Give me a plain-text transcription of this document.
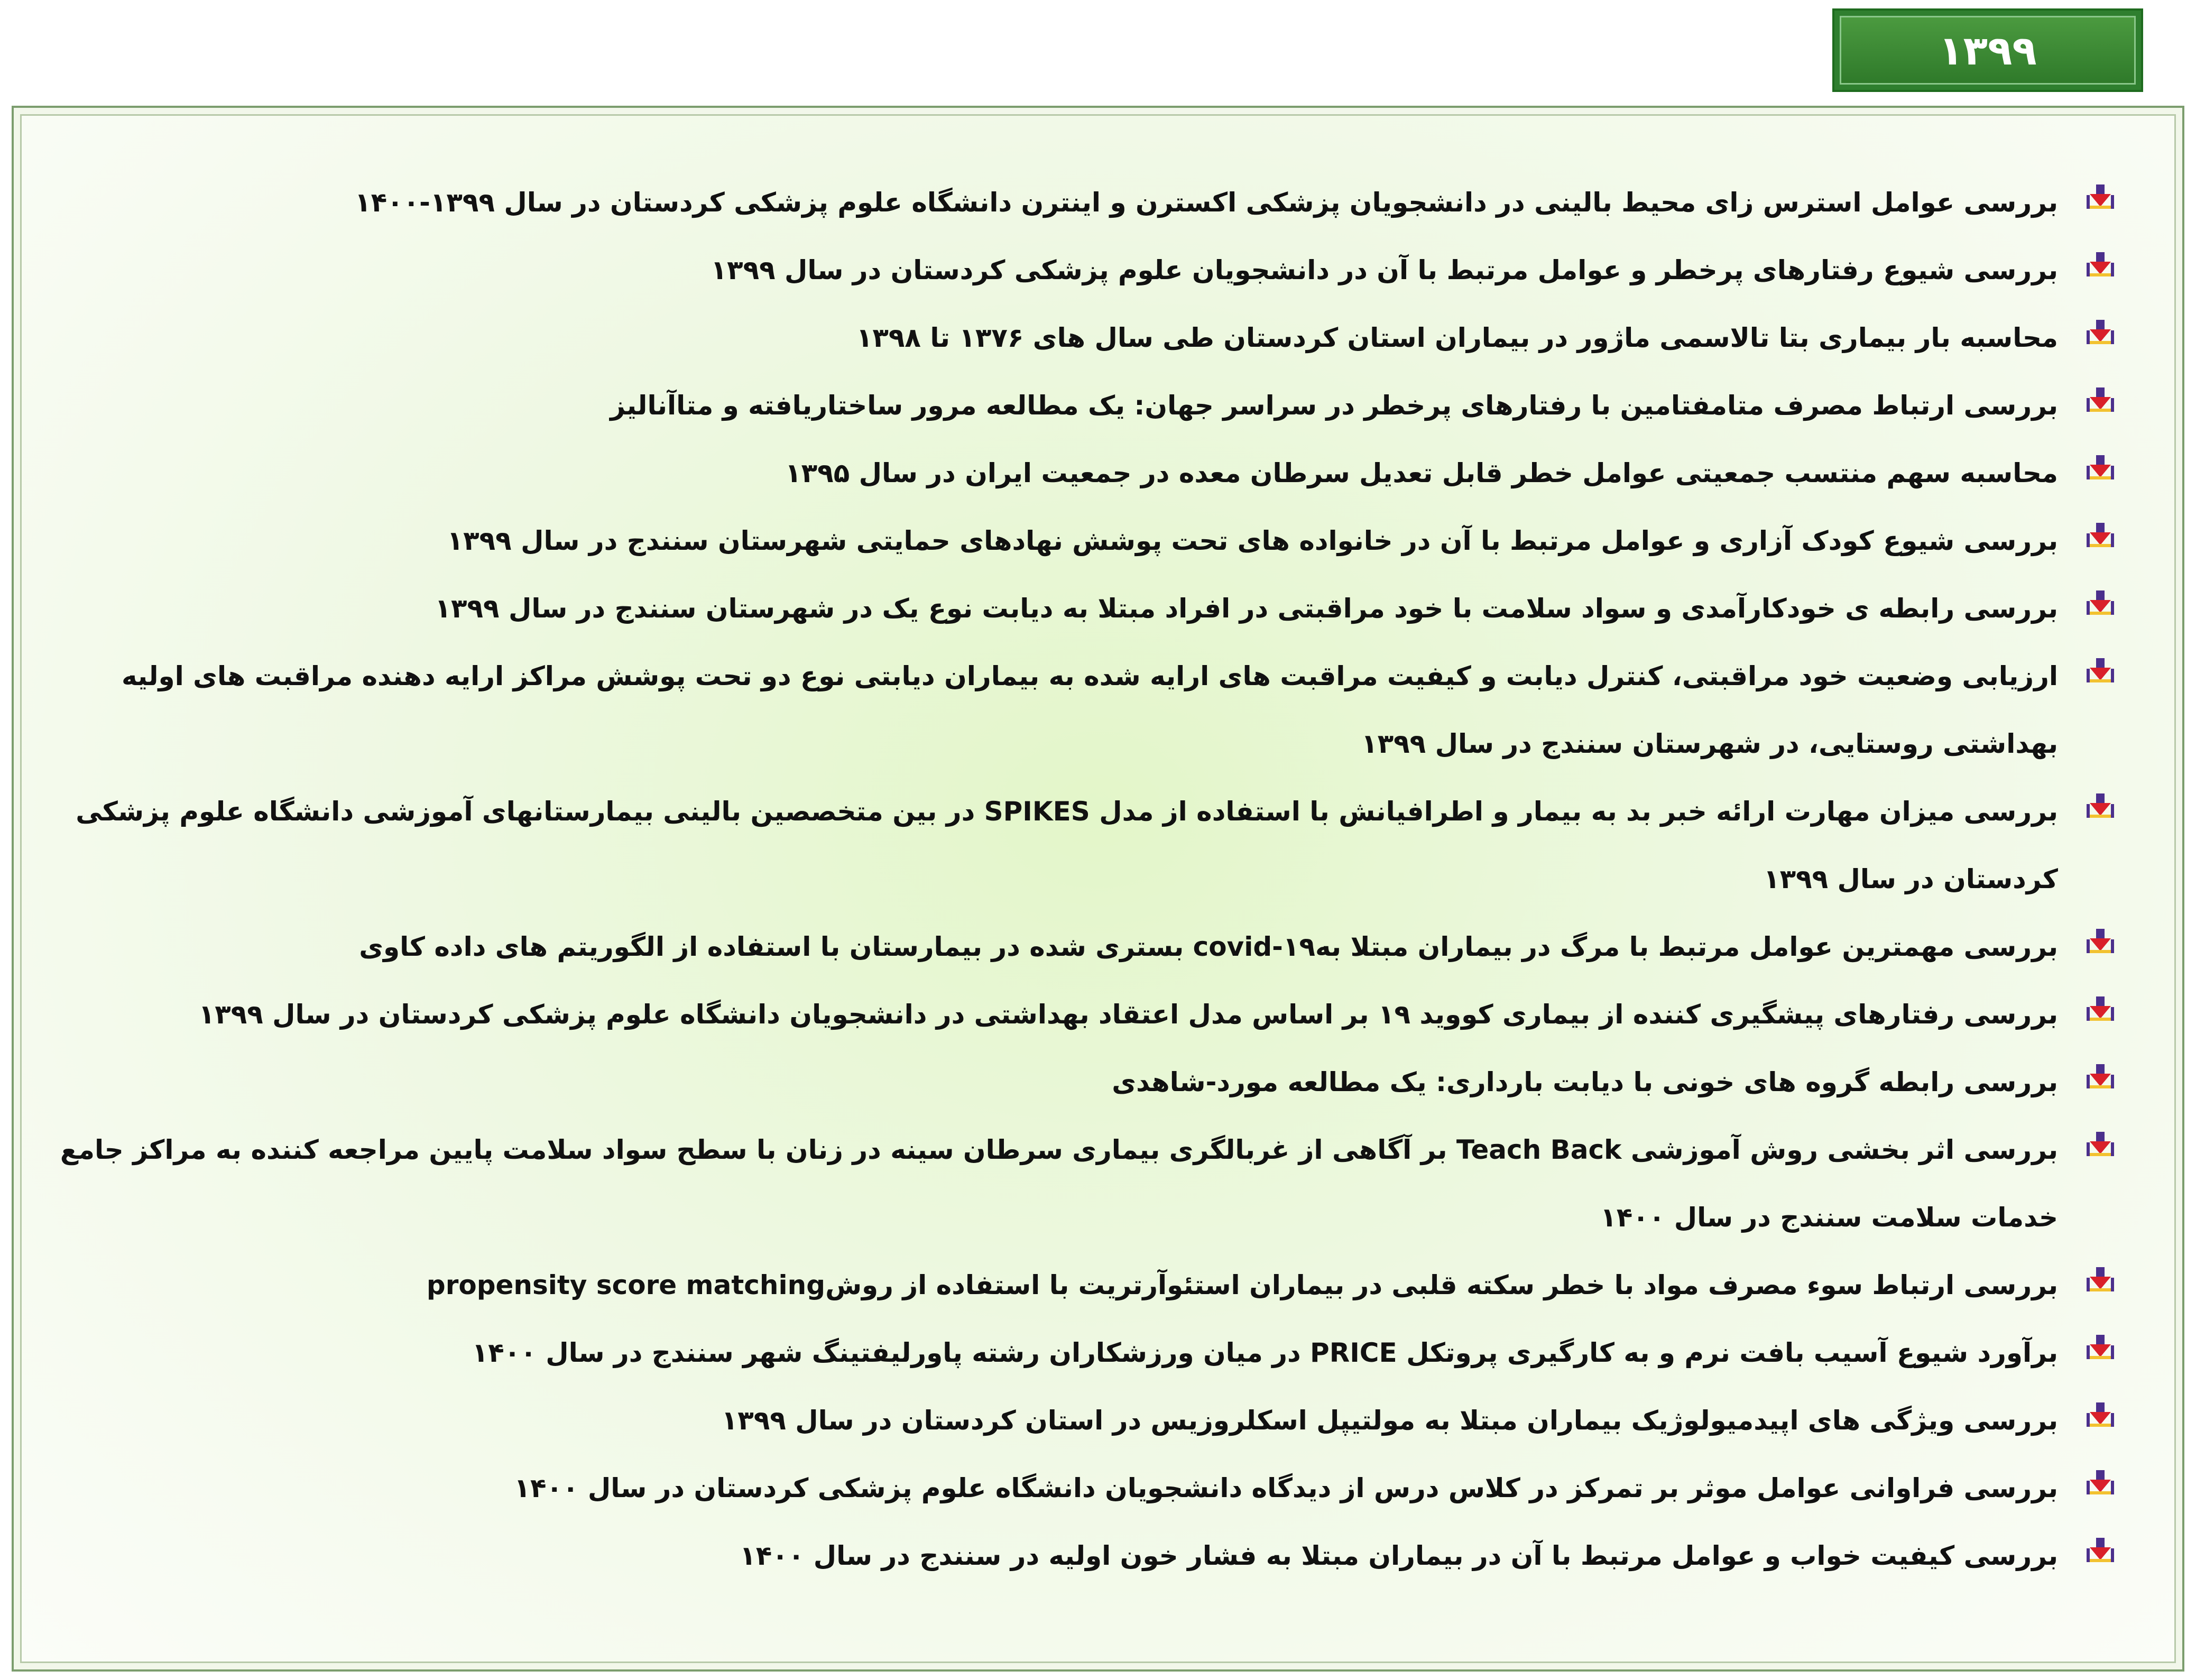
۱۳۹۹
بررسی عوامل استرس زای محیط بالینی در دانشجویان پزشکی اکسترن و اینترن دانشگاه علوم پزشکی کردستان در سال ۱۳۹۹-۱۴۰۰
بررسی شیوع رفتارهای پرخطر و عوامل مرتبط با آن در دانشجویان علوم پزشکی کردستان در سال ۱۳۹۹
محاسبه بار بیماری بتا تالاسمی ماژور در بیماران استان کردستان طی سال های ۱۳۷۶ تا ۱۳۹۸
بررسی ارتباط مصرف متامفتامین با رفتارهای پرخطر در سراسر جهان: یک مطالعه مرور ساختاریافته و متاآنالیز
محاسبه سهم منتسب جمعیتی عوامل خطر قابل تعدیل سرطان معده در جمعیت ایران در سال ۱۳۹۵
بررسی شیوع کودک آزاری و عوامل مرتبط با آن در خانواده های تحت پوشش نهادهای حمایتی شهرستان سنندج در سال ۱۳۹۹
بررسی رابطه ی خودکارآمدی و سواد سلامت با خود مراقبتی در افراد مبتلا به دیابت نوع یک در شهرستان سنندج در سال ۱۳۹۹
ارزیابی وضعیت خود مراقبتی، کنترل دیابت و کیفیت مراقبت های ارایه شده به بیماران دیابتی نوع دو تحت پوشش مراکز ارایه دهنده مراقبت های اولیه بهداشتی روستایی، در شهرستان سنندج در سال ۱۳۹۹
بررسی میزان مهارت ارائه خبر بد به بیمار و اطرافیانش با استفاده از مدل SPIKES در بین متخصصین بالینی بیمارستانهای آموزشی دانشگاه علوم پزشکی کردستان در سال ۱۳۹۹
بررسی مهمترین عوامل مرتبط با مرگ در بیماران مبتلا بهcovid-۱۹ بستری شده در بیمارستان با استفاده از الگوریتم های داده کاوی
بررسی رفتارهای پیشگیری کننده از بیماری کووید ۱۹ بر اساس مدل اعتقاد بهداشتی در دانشجویان دانشگاه علوم پزشکی کردستان در سال ۱۳۹۹
بررسی رابطه گروه های خونی با دیابت بارداری: یک مطالعه مورد-شاهدی
بررسی اثر بخشی روش آموزشی Teach Back بر آگاهی از غربالگری بیماری سرطان سینه در زنان با سطح سواد سلامت پایین مراجعه کننده به مراکز جامع خدمات سلامت سنندج در سال ۱۴۰۰
بررسی ارتباط سوء مصرف مواد با خطر سکته قلبی در بیماران استئوآرتریت با استفاده از روشpropensity score matching
برآورد شیوع آسیب بافت نرم و به کارگیری پروتکل PRICE در میان ورزشکاران رشته پاورلیفتینگ شهر سنندج در سال ۱۴۰۰
بررسی ویژگی های اپیدمیولوژیک بیماران مبتلا به مولتیپل اسکلروزیس در استان کردستان در سال ۱۳۹۹
بررسی فراوانی عوامل موثر بر تمرکز در کلاس درس از دیدگاه دانشجویان دانشگاه علوم پزشکی کردستان در سال ۱۴۰۰
بررسی کیفیت خواب و عوامل مرتبط با آن در بیماران مبتلا به فشار خون اولیه در سنندج در سال ۱۴۰۰
